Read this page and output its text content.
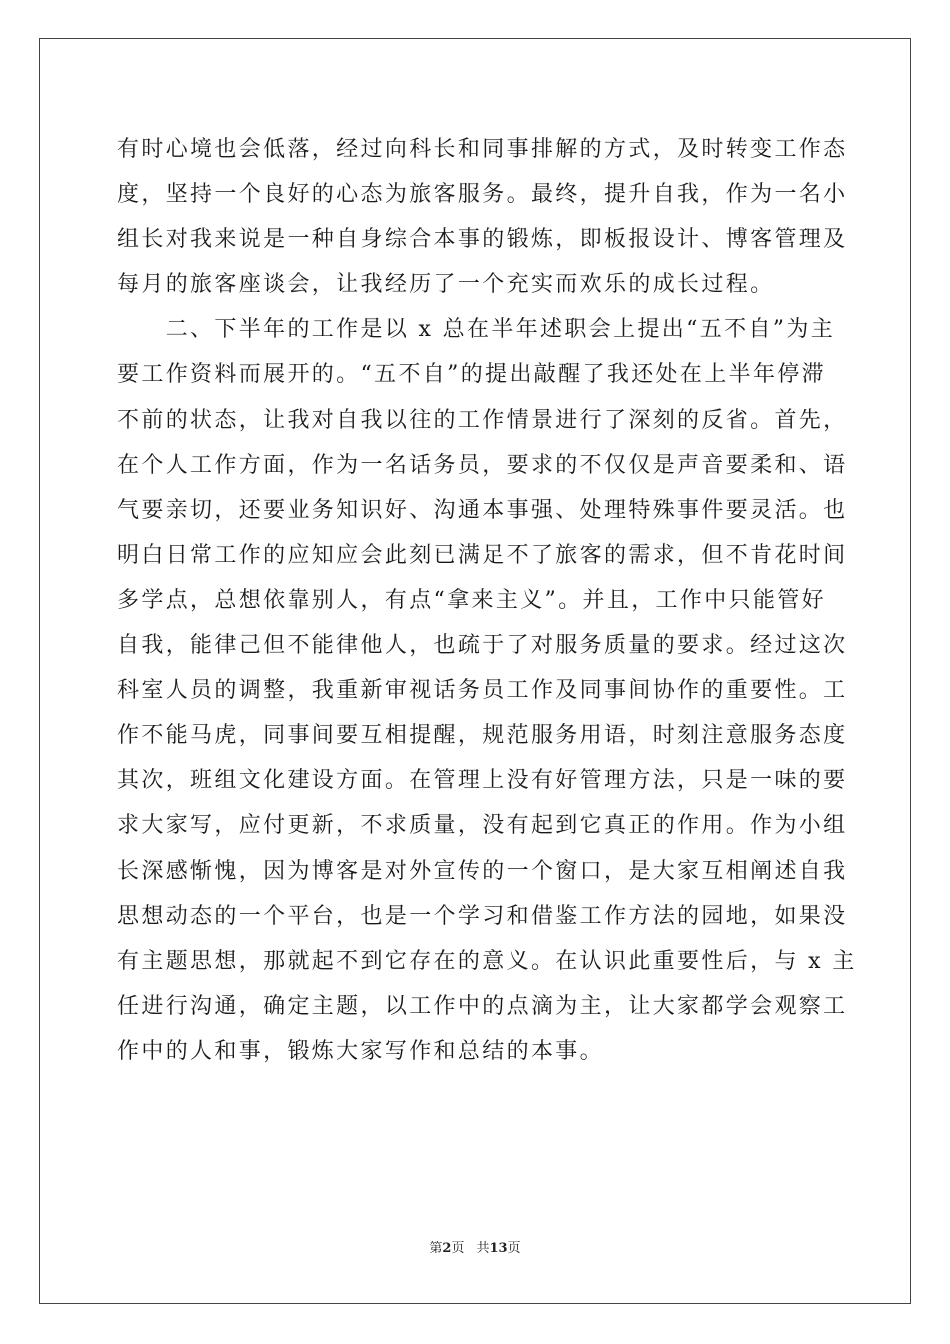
有时心境也会低落，经过向科长和同事排解的方式，及时转变工作态
度，坚持一个良好的心态为旅客服务。最终，提升自我，作为一名小
组长对我来说是一种自身综合本事的锻炼，即板报设计、博客管理及
每月的旅客座谈会，让我经历了一个充实而欢乐的成长过程。
　　二、下半年的工作是以 x 总在半年述职会上提出“五不自”为主
要工作资料而展开的。“五不自”的提出敲醒了我还处在上半年停滞
不前的状态，让我对自我以往的工作情景进行了深刻的反省。首先，
在个人工作方面，作为一名话务员，要求的不仅仅是声音要柔和、语
气要亲切，还要业务知识好、沟通本事强、处理特殊事件要灵活。也
明白日常工作的应知应会此刻已满足不了旅客的需求，但不肯花时间
多学点，总想依靠别人，有点“拿来主义”。并且，工作中只能管好
自我，能律己但不能律他人，也疏于了对服务质量的要求。经过这次
科室人员的调整，我重新审视话务员工作及同事间协作的重要性。工
作不能马虎，同事间要互相提醒，规范服务用语，时刻注意服务态度
其次，班组文化建设方面。在管理上没有好管理方法，只是一味的要
求大家写，应付更新，不求质量，没有起到它真正的作用。作为小组
长深感惭愧，因为博客是对外宣传的一个窗口，是大家互相阐述自我
思想动态的一个平台，也是一个学习和借鉴工作方法的园地，如果没
有主题思想，那就起不到它存在的意义。在认识此重要性后，与 x 主
任进行沟通，确定主题，以工作中的点滴为主，让大家都学会观察工
作中的人和事，锻炼大家写作和总结的本事。
第2页 共13页
